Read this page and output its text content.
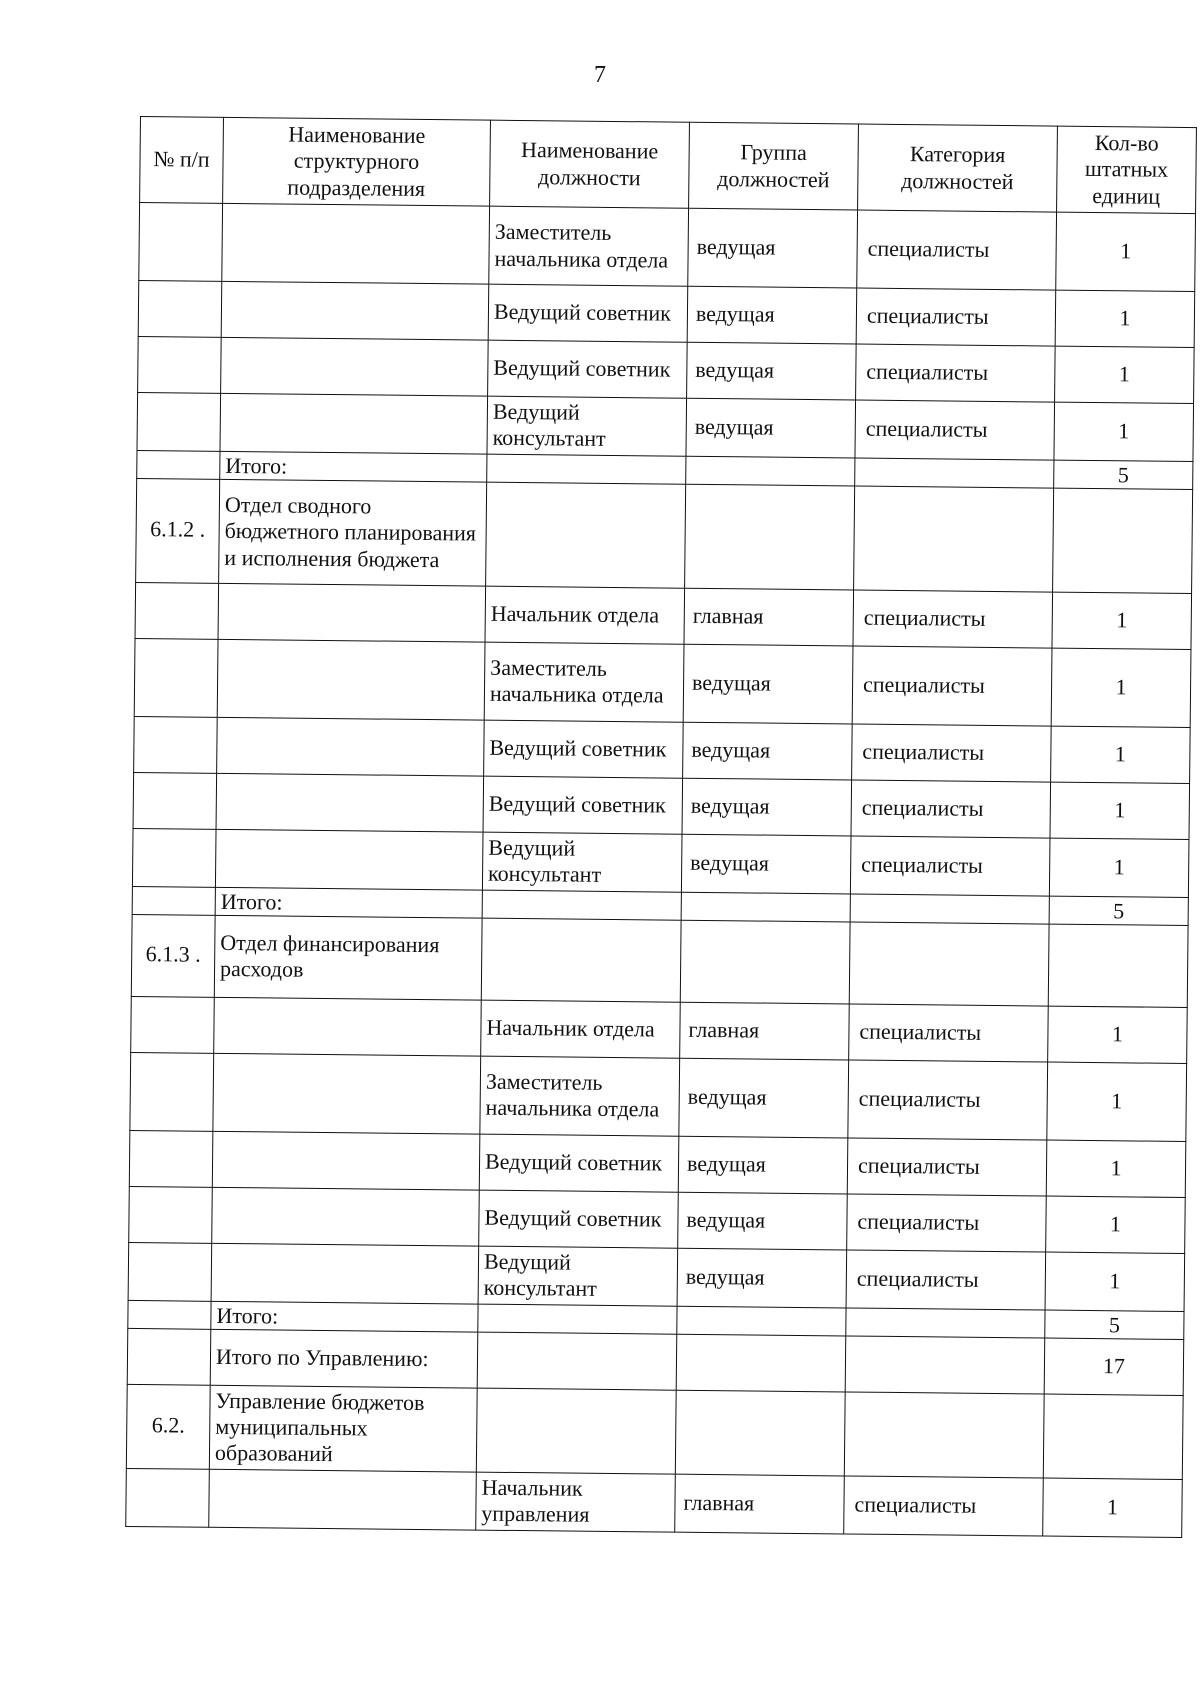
7
№ п/п	Наименование структурного подразделения	Наименование должности	Группа должностей	Категория должностей	Кол-во штатных единиц
		Заместитель начальника отдела	ведущая	специалисты	1
		Ведущий советник	ведущая	специалисты	1
		Ведущий советник	ведущая	специалисты	1
		Ведущий консультант	ведущая	специалисты	1
	Итого:				5
6.1.2 .	Отдел сводного бюджетного планирования и исполнения бюджета				
		Начальник отдела	главная	специалисты	1
		Заместитель начальника отдела	ведущая	специалисты	1
		Ведущий советник	ведущая	специалисты	1
		Ведущий советник	ведущая	специалисты	1
		Ведущий консультант	ведущая	специалисты	1
	Итого:				5
6.1.3 .	Отдел финансирования расходов				
		Начальник отдела	главная	специалисты	1
		Заместитель начальника отдела	ведущая	специалисты	1
		Ведущий советник	ведущая	специалисты	1
		Ведущий советник	ведущая	специалисты	1
		Ведущий консультант	ведущая	специалисты	1
	Итого:				5
	Итого по Управлению:				17
6.2.	Управление бюджетов муниципальных образований				
		Начальник управления	главная	специалисты	1
